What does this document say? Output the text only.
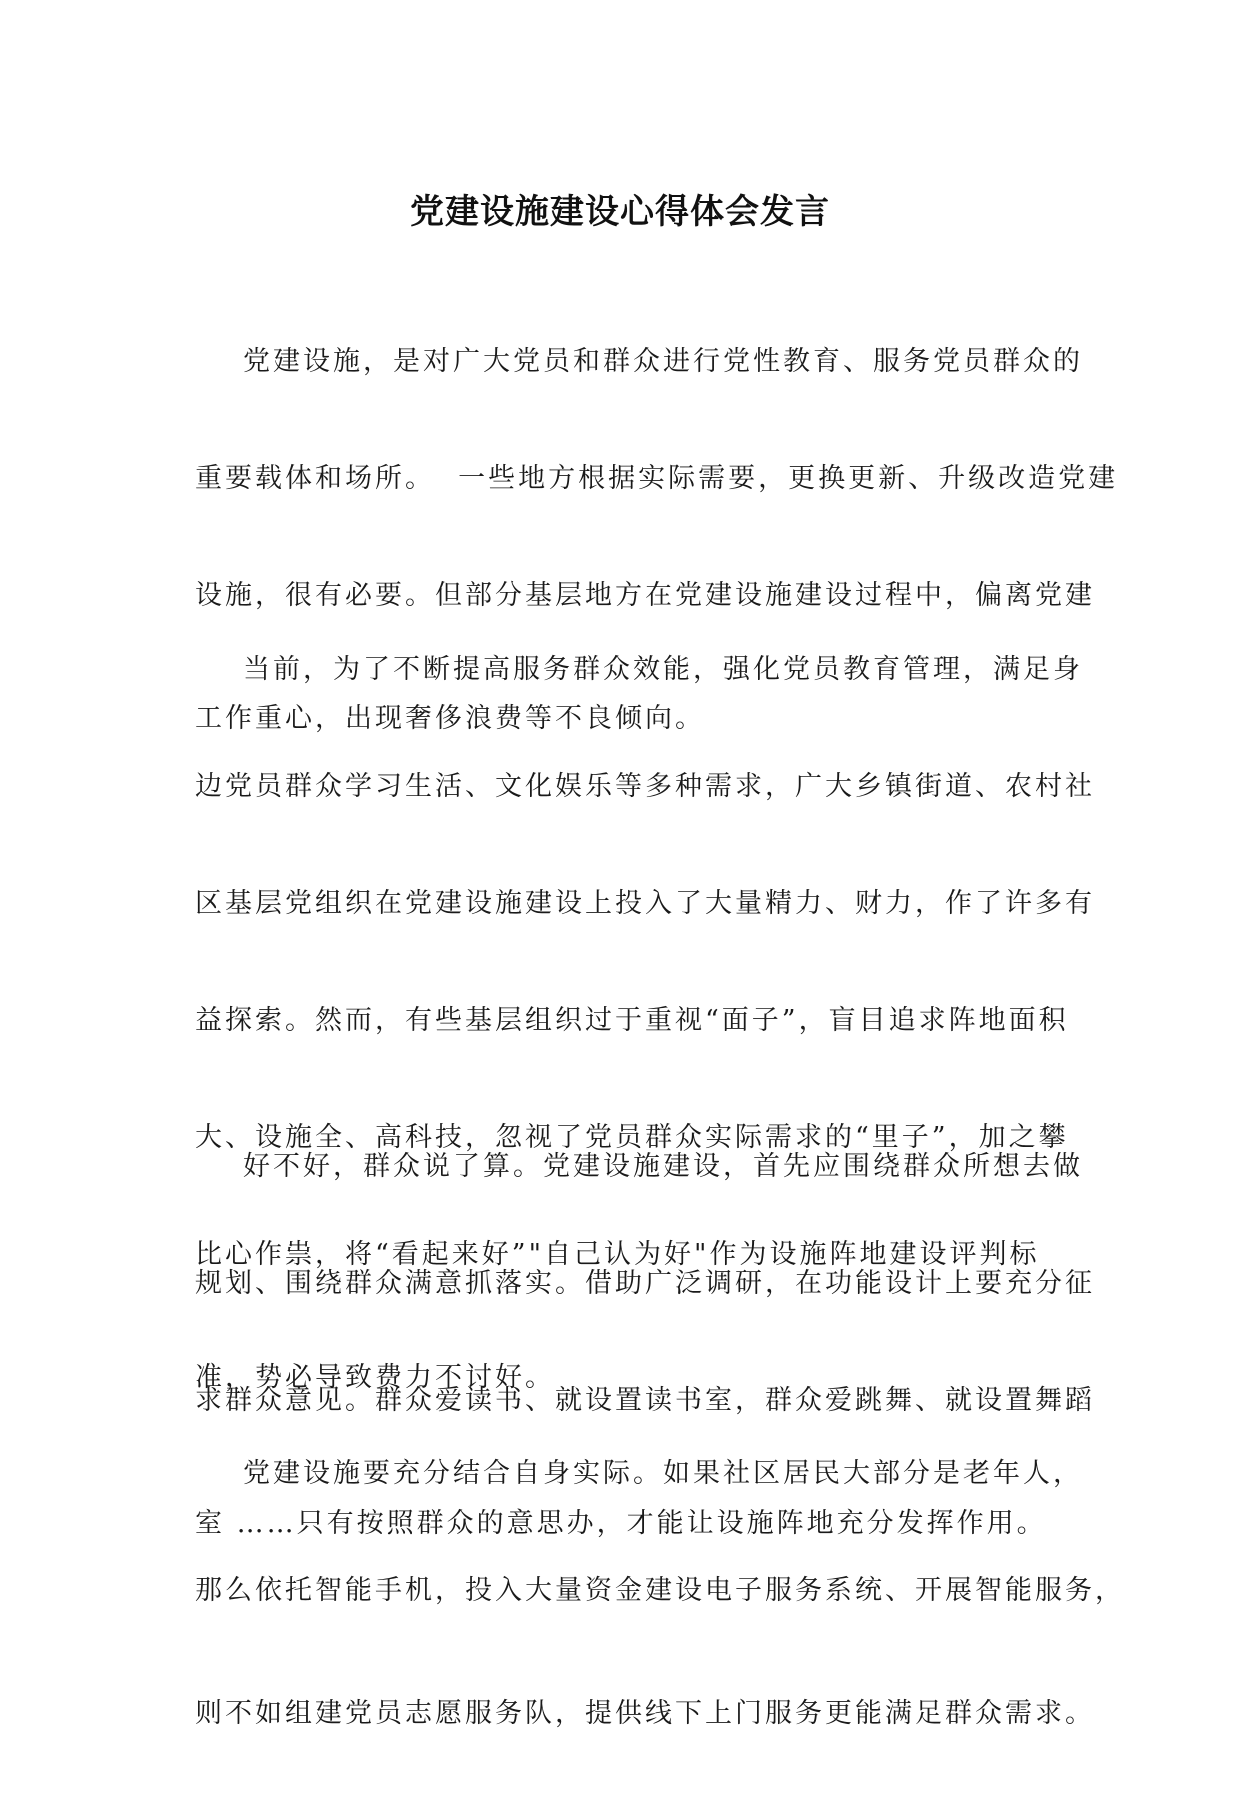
党建设施建设心得体会发言

党建设施，是对广大党员和群众进行党性教育、服务党员群众的

重要载体和场所。  一些地方根据实际需要，更换更新、升级改造党建

设施，很有必要。但部分基层地方在党建设施建设过程中，偏离党建

工作重心，出现奢侈浪费等不良倾向。

当前，为了不断提高服务群众效能，强化党员教育管理，满足身

边党员群众学习生活、文化娱乐等多种需求，广大乡镇街道、农村社

区基层党组织在党建设施建设上投入了大量精力、财力，作了许多有

益探索。然而，有些基层组织过于重视“面子”，盲目追求阵地面积

大、设施全、高科技，忽视了党员群众实际需求的“里子”，加之攀

比心作祟，将“看起来好”"自己认为好"作为设施阵地建设评判标

准，势必导致费力不讨好。

好不好，群众说了算。党建设施建设，首先应围绕群众所想去做

规划、围绕群众满意抓落实。借助广泛调研，在功能设计上要充分征

求群众意见。群众爱读书、就设置读书室，群众爱跳舞、就设置舞蹈

室 ……只有按照群众的意思办，才能让设施阵地充分发挥作用。

党建设施要充分结合自身实际。如果社区居民大部分是老年人，

那么依托智能手机，投入大量资金建设电子服务系统、开展智能服务，

则不如组建党员志愿服务队，提供线下上门服务更能满足群众需求。
